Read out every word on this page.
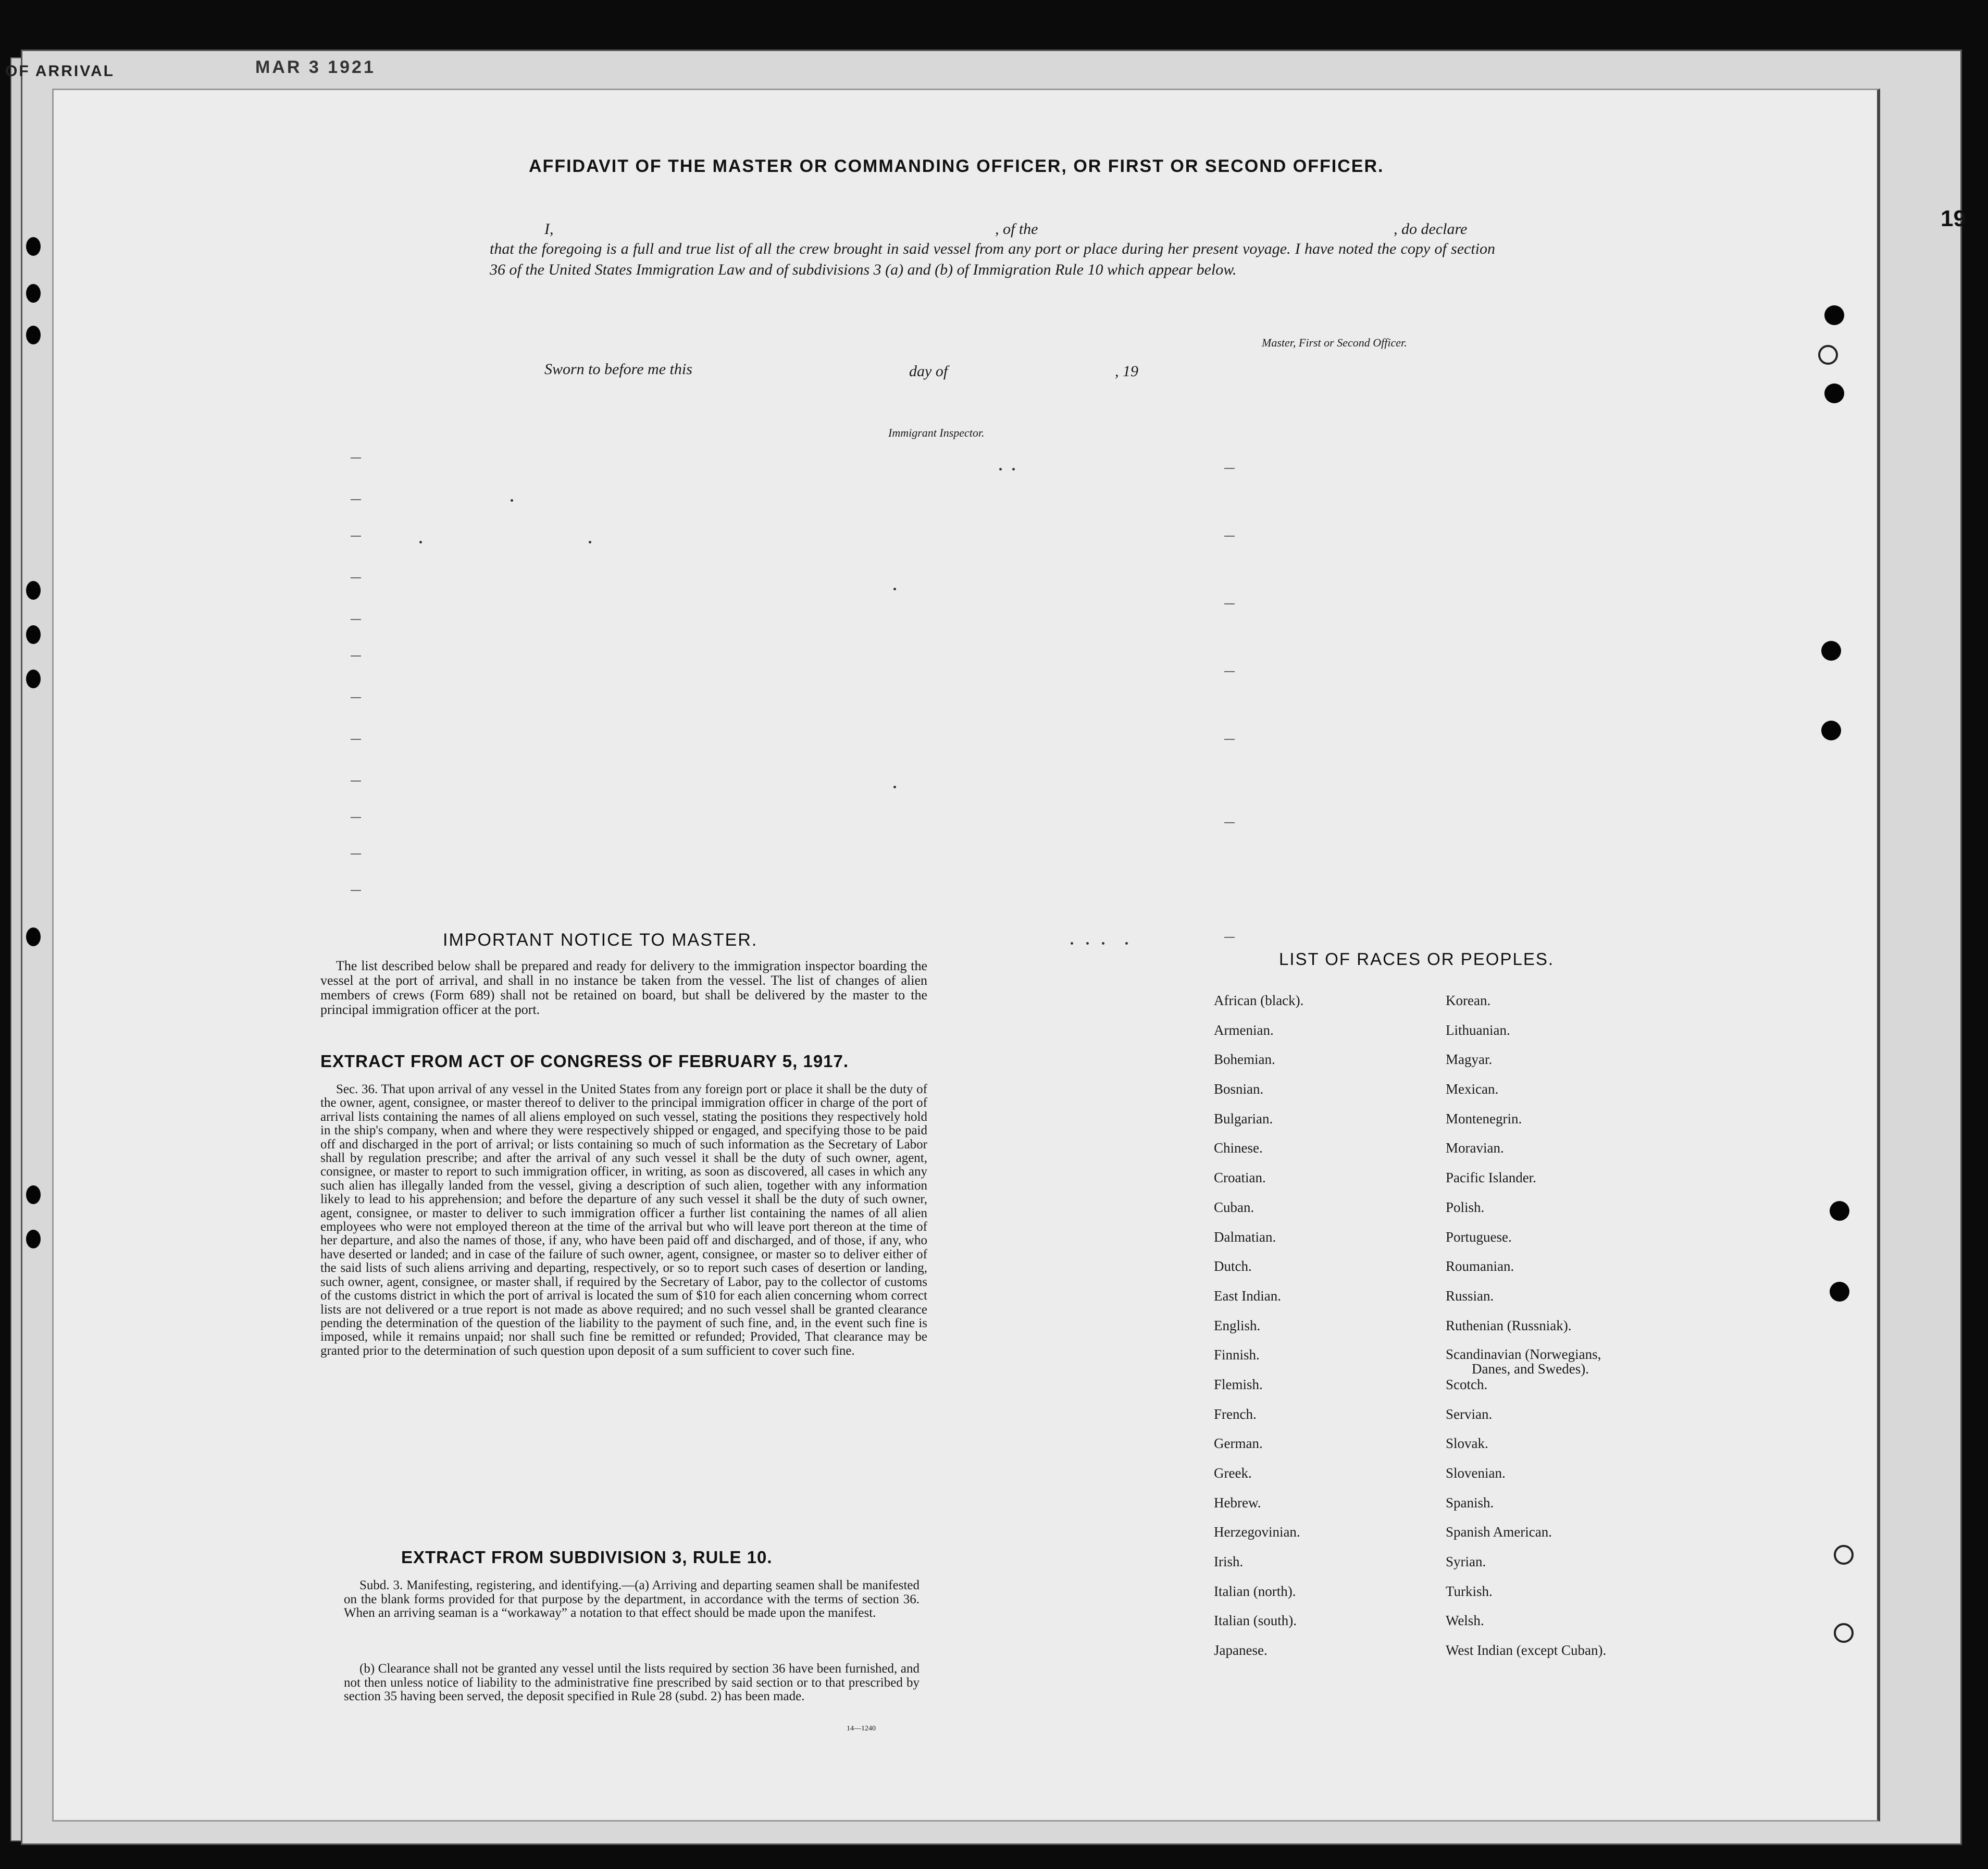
OF ARRIVAL	MAR 3 1921
19
AFFIDAVIT OF THE MASTER OR COMMANDING OFFICER, OR FIRST OR SECOND OFFICER.
I,	, of the	, do declare
that the foregoing is a full and true list of all the crew brought in said vessel from any port or place during her present voyage. I have noted the copy of section 36 of the United States Immigration Law and of subdivisions 3 (a) and (b) of Immigration Rule 10 which appear below.
Master, First or Second Officer.
Sworn to before me this	day of	, 19
Immigrant Inspector.
IMPORTANT NOTICE TO MASTER.
The list described below shall be prepared and ready for delivery to the immigration inspector boarding the vessel at the port of arrival, and shall in no instance be taken from the vessel. The list of changes of alien members of crews (Form 689) shall not be retained on board, but shall be delivered by the master to the principal immigration officer at the port.
EXTRACT FROM ACT OF CONGRESS OF FEBRUARY 5, 1917.
Sec. 36. That upon arrival of any vessel in the United States from any foreign port or place it shall be the duty of the owner, agent, consignee, or master thereof to deliver to the principal immigration officer in charge of the port of arrival lists containing the names of all aliens employed on such vessel, stating the positions they respectively hold in the ship's company, when and where they were respectively shipped or engaged, and specifying those to be paid off and discharged in the port of arrival; or lists containing so much of such information as the Secretary of Labor shall by regulation prescribe; and after the arrival of any such vessel it shall be the duty of such owner, agent, consignee, or master to report to such immigration officer, in writing, as soon as discovered, all cases in which any such alien has illegally landed from the vessel, giving a description of such alien, together with any information likely to lead to his apprehension; and before the departure of any such vessel it shall be the duty of such owner, agent, consignee, or master to deliver to such immigration officer a further list containing the names of all alien employees who were not employed thereon at the time of the arrival but who will leave port thereon at the time of her departure, and also the names of those, if any, who have been paid off and discharged, and of those, if any, who have deserted or landed; and in case of the failure of such owner, agent, consignee, or master so to deliver either of the said lists of such aliens arriving and departing, respectively, or so to report such cases of desertion or landing, such owner, agent, consignee, or master shall, if required by the Secretary of Labor, pay to the collector of customs of the customs district in which the port of arrival is located the sum of $10 for each alien concerning whom correct lists are not delivered or a true report is not made as above required; and no such vessel shall be granted clearance pending the determination of the question of the liability to the payment of such fine, and, in the event such fine is imposed, while it remains unpaid; nor shall such fine be remitted or refunded; Provided, That clearance may be granted prior to the determination of such question upon deposit of a sum sufficient to cover such fine.
EXTRACT FROM SUBDIVISION 3, RULE 10.
Subd. 3. Manifesting, registering, and identifying.—(a) Arriving and departing seamen shall be manifested on the blank forms provided for that purpose by the department, in accordance with the terms of section 36. When an arriving seaman is a “workaway” a notation to that effect should be made upon the manifest.
(b) Clearance shall not be granted any vessel until the lists required by section 36 have been furnished, and not then unless notice of liability to the administrative fine prescribed by said section or to that prescribed by section 35 having been served, the deposit specified in Rule 28 (subd. 2) has been made.
14—1240
LIST OF RACES OR PEOPLES.
African (black).
Armenian.
Bohemian.
Bosnian.
Bulgarian.
Chinese.
Croatian.
Cuban.
Dalmatian.
Dutch.
East Indian.
English.
Finnish.
Flemish.
French.
German.
Greek.
Hebrew.
Herzegovinian.
Irish.
Italian (north).
Italian (south).
Japanese.
Korean.
Lithuanian.
Magyar.
Mexican.
Montenegrin.
Moravian.
Pacific Islander.
Polish.
Portuguese.
Roumanian.
Russian.
Ruthenian (Russniak).
Scandinavian (Norwegians,
Danes, and Swedes).
Scotch.
Servian.
Slovak.
Slovenian.
Spanish.
Spanish American.
Syrian.
Turkish.
Welsh.
West Indian (except Cuban).
